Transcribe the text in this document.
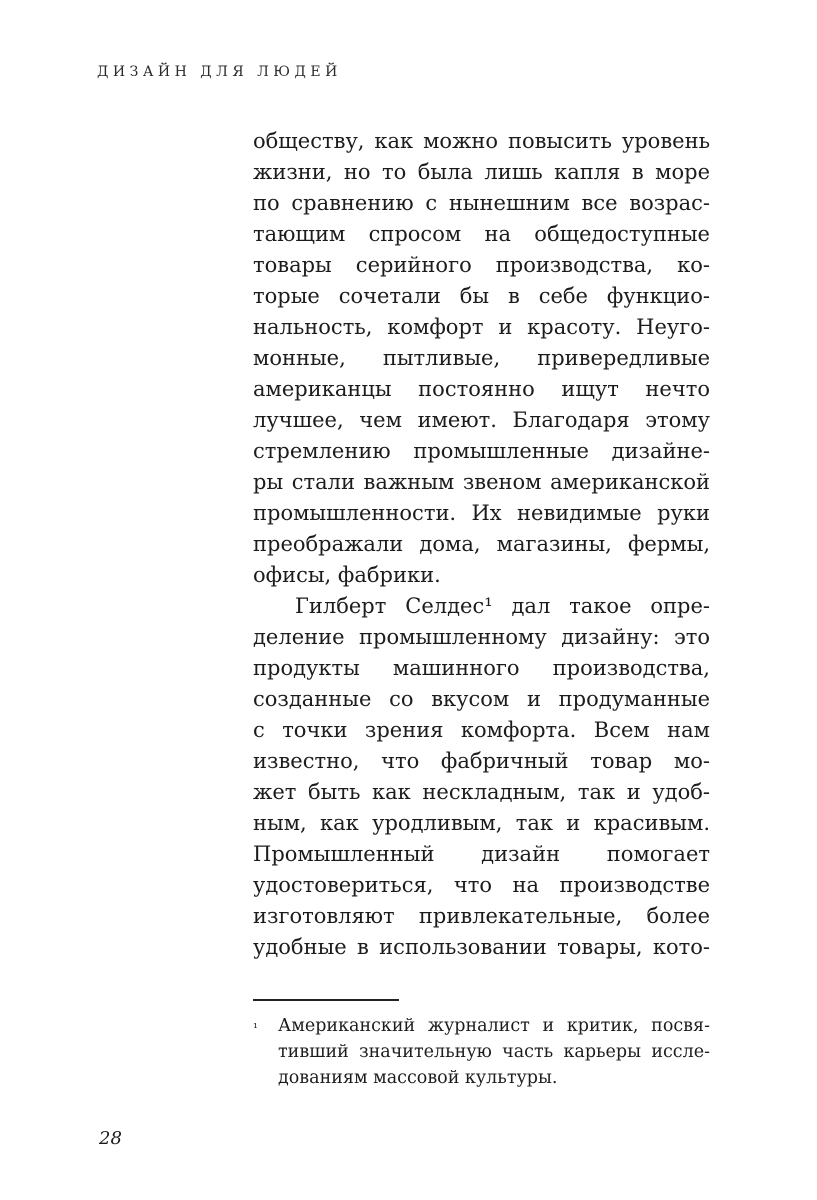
ДИЗАЙН ДЛЯ ЛЮДЕЙ
обществу, как можно повысить уровень
жизни, но то была лишь капля в море
по сравнению с нынешним все возрас-
тающим спросом на общедоступные
товары серийного производства, ко-
торые сочетали бы в себе функцио-
нальность, комфорт и красоту. Неуго-
монные, пытливые, привередливые
американцы постоянно ищут нечто
лучшее, чем имеют. Благодаря этому
стремлению промышленные дизайне-
ры стали важным звеном американской
промышленности. Их невидимые руки
преображали дома, магазины, фермы,
офисы, фабрики.
Гилберт Селдес¹ дал такое опре-
деление промышленному дизайну: это
продукты машинного производства,
созданные со вкусом и продуманные
с точки зрения комфорта. Всем нам
известно, что фабричный товар мо-
жет быть как нескладным, так и удоб-
ным, как уродливым, так и красивым.
Промышленный дизайн помогает
удостовериться, что на производстве
изготовляют привлекательные, более
удобные в использовании товары, кото-
¹	Американский журналист и критик, посвя-
тивший значительную часть карьеры иссле-
дованиям массовой культуры.
28
